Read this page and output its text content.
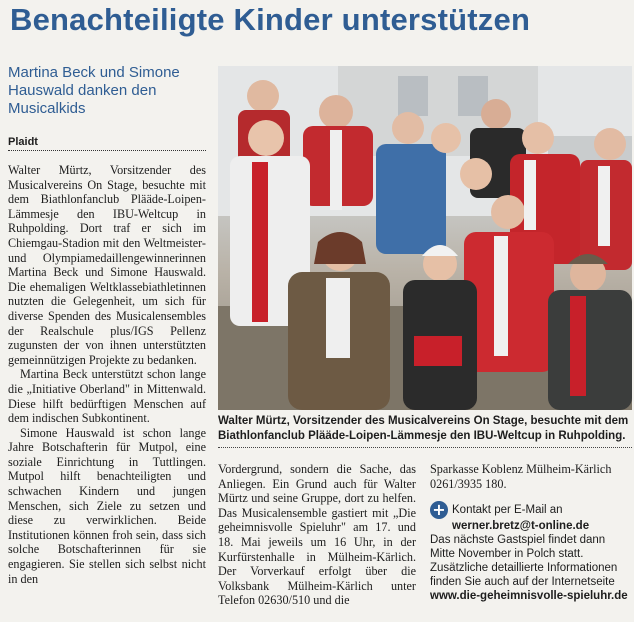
Benachteiligte Kinder unterstützen
Martina Beck und Simone Hauswald danken den Musicalkids
Plaidt

Walter Mürtz, Vorsitzender des Musicalvereins On Stage, besuchte mit dem Biathlonfanclub Plääde-Loipen-Lämmesje den IBU-Weltcup in Ruhpolding. Dort traf er sich im Chiemgau-Stadion mit den Weltmeister- und Olympiamedaillengewinnerinnen Martina Beck und Simone Hauswald. Die ehemaligen Weltklassebiathletinnen nutzten die Gelegenheit, um sich für diverse Spenden des Musicalensembles der Realschule plus/IGS Pellenz zugunsten der von ihnen unterstützten gemeinnützigen Projekte zu bedanken.

Martina Beck unterstützt schon lange die „Initiative Oberland" in Mittenwald. Diese hilft bedürftigen Menschen auf dem indischen Subkontinent.

Simone Hauswald ist schon lange Jahre Botschafterin für Mutpol, eine soziale Einrichtung in Tuttlingen. Mutpol hilft benachteiligten und schwachen Kindern und jungen Menschen, sich Ziele zu setzen und diese zu verwirklichen. Beide Institutionen können froh sein, dass sich solche Botschafterinnen für sie engagieren. Sie stellen sich selbst nicht in den

Walter Mürtz, Vorsitzender des Musicalvereins On Stage, besuchte mit dem Biathlonfanclub Plääde-Loipen-Lämmesje den IBU-Weltcup in Ruhpolding.

Vordergrund, sondern die Sache, das Anliegen. Ein Grund auch für Walter Mürtz und seine Gruppe, dort zu helfen. Das Musicalensemble gastiert mit „Die geheimnisvolle Spieluhr" am 17. und 18. Mai jeweils um 16 Uhr, in der Kurfürstenhalle in Mülheim-Kärlich. Der Vorverkauf erfolgt über die Volksbank Mülheim-Kärlich unter Telefon 02630/510 und die

Sparkasse Koblenz Mülheim-Kärlich 0261/3935 180.

+ Kontakt per E-Mail an
werner.bretz@t-online.de
Das nächste Gastspiel findet dann Mitte November in Polch statt.
Zusätzliche detaillierte Informationen finden Sie auch auf der Internetseite
www.die-geheimnisvolle-spieluhr.de
